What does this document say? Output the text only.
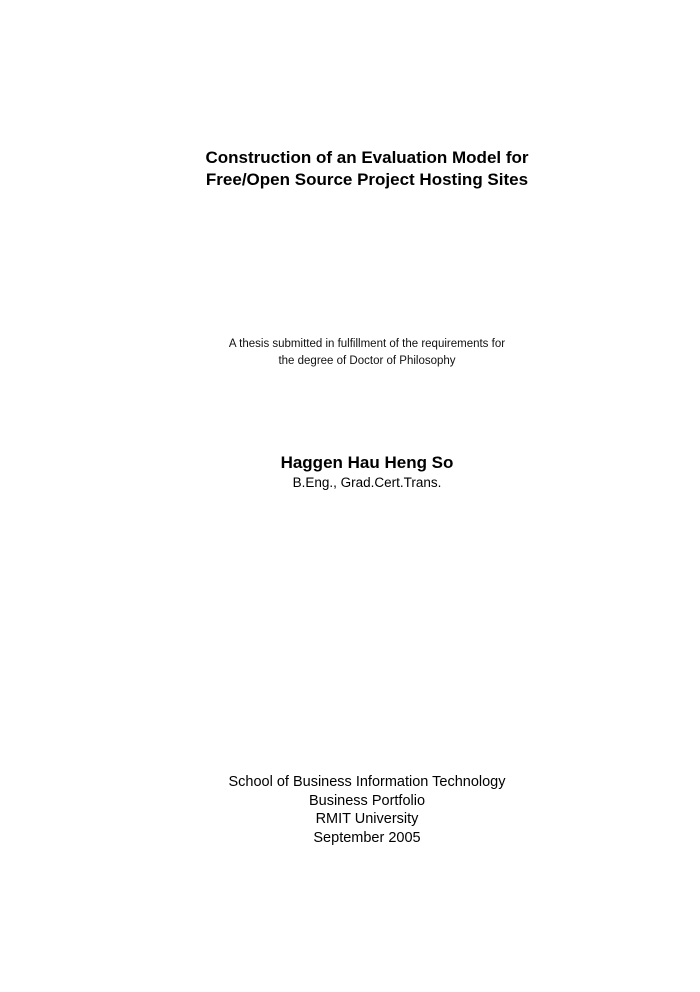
Construction of an Evaluation Model for
Free/Open Source Project Hosting Sites
A thesis submitted in fulfillment of the requirements for
the degree of Doctor of Philosophy
Haggen Hau Heng So
B.Eng., Grad.Cert.Trans.
School of Business Information Technology
Business Portfolio
RMIT University
September 2005
